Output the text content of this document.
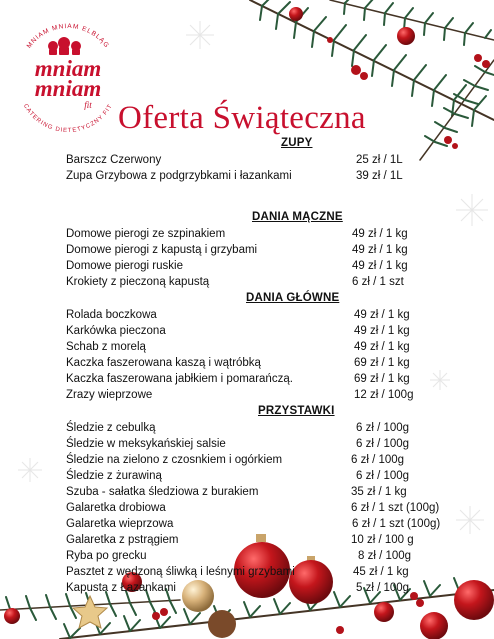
MNIAM MNIAM ELBLĄG
mniam
mniam
fit
CATERING DIETETYCZNY FIT Oferta Świąteczna
ZUPY
Barszcz Czerwony	25 zł / 1L
Zupa Grzybowa z podgrzybkami i łazankami	39 zł / 1L
DANIA MĄCZNE
Domowe pierogi ze szpinakiem	49 zł / 1 kg
Domowe pierogi z kapustą i grzybami	49 zł / 1 kg
Domowe pierogi ruskie	49 zł / 1 kg
Krokiety z pieczoną kapustą	6 zł / 1 szt
DANIA GŁÓWNE
Rolada boczkowa	49 zł / 1 kg
Karkówka pieczona	49 zł / 1 kg
Schab z morelą	49 zł / 1 kg
Kaczka faszerowana kaszą i wątróbką	69 zł / 1 kg
Kaczka faszerowana jabłkiem i pomarańczą.	69 zł / 1 kg
Zrazy wieprzowe	12 zł / 100g
PRZYSTAWKI
Śledzie z cebulką	6 zł / 100g
Śledzie w meksykańskiej salsie	6 zł / 100g
Śledzie na zielono z czosnkiem i ogórkiem	6 zł / 100g
Śledzie z żurawiną	6 zł / 100g
Szuba - sałatka śledziowa z burakiem	35 zł / 1 kg
Galaretka drobiowa	6 zł / 1 szt (100g)
Galaretka wieprzowa	6 zł / 1 szt (100g)
Galaretka z pstrągiem	10 zł / 100 g
Ryba po grecku	8 zł / 100g
Pasztet z wędzoną śliwką i leśnymi grzybami	45 zł / 1 kg
Kapusta z Łazankami	5 zł / 100g
